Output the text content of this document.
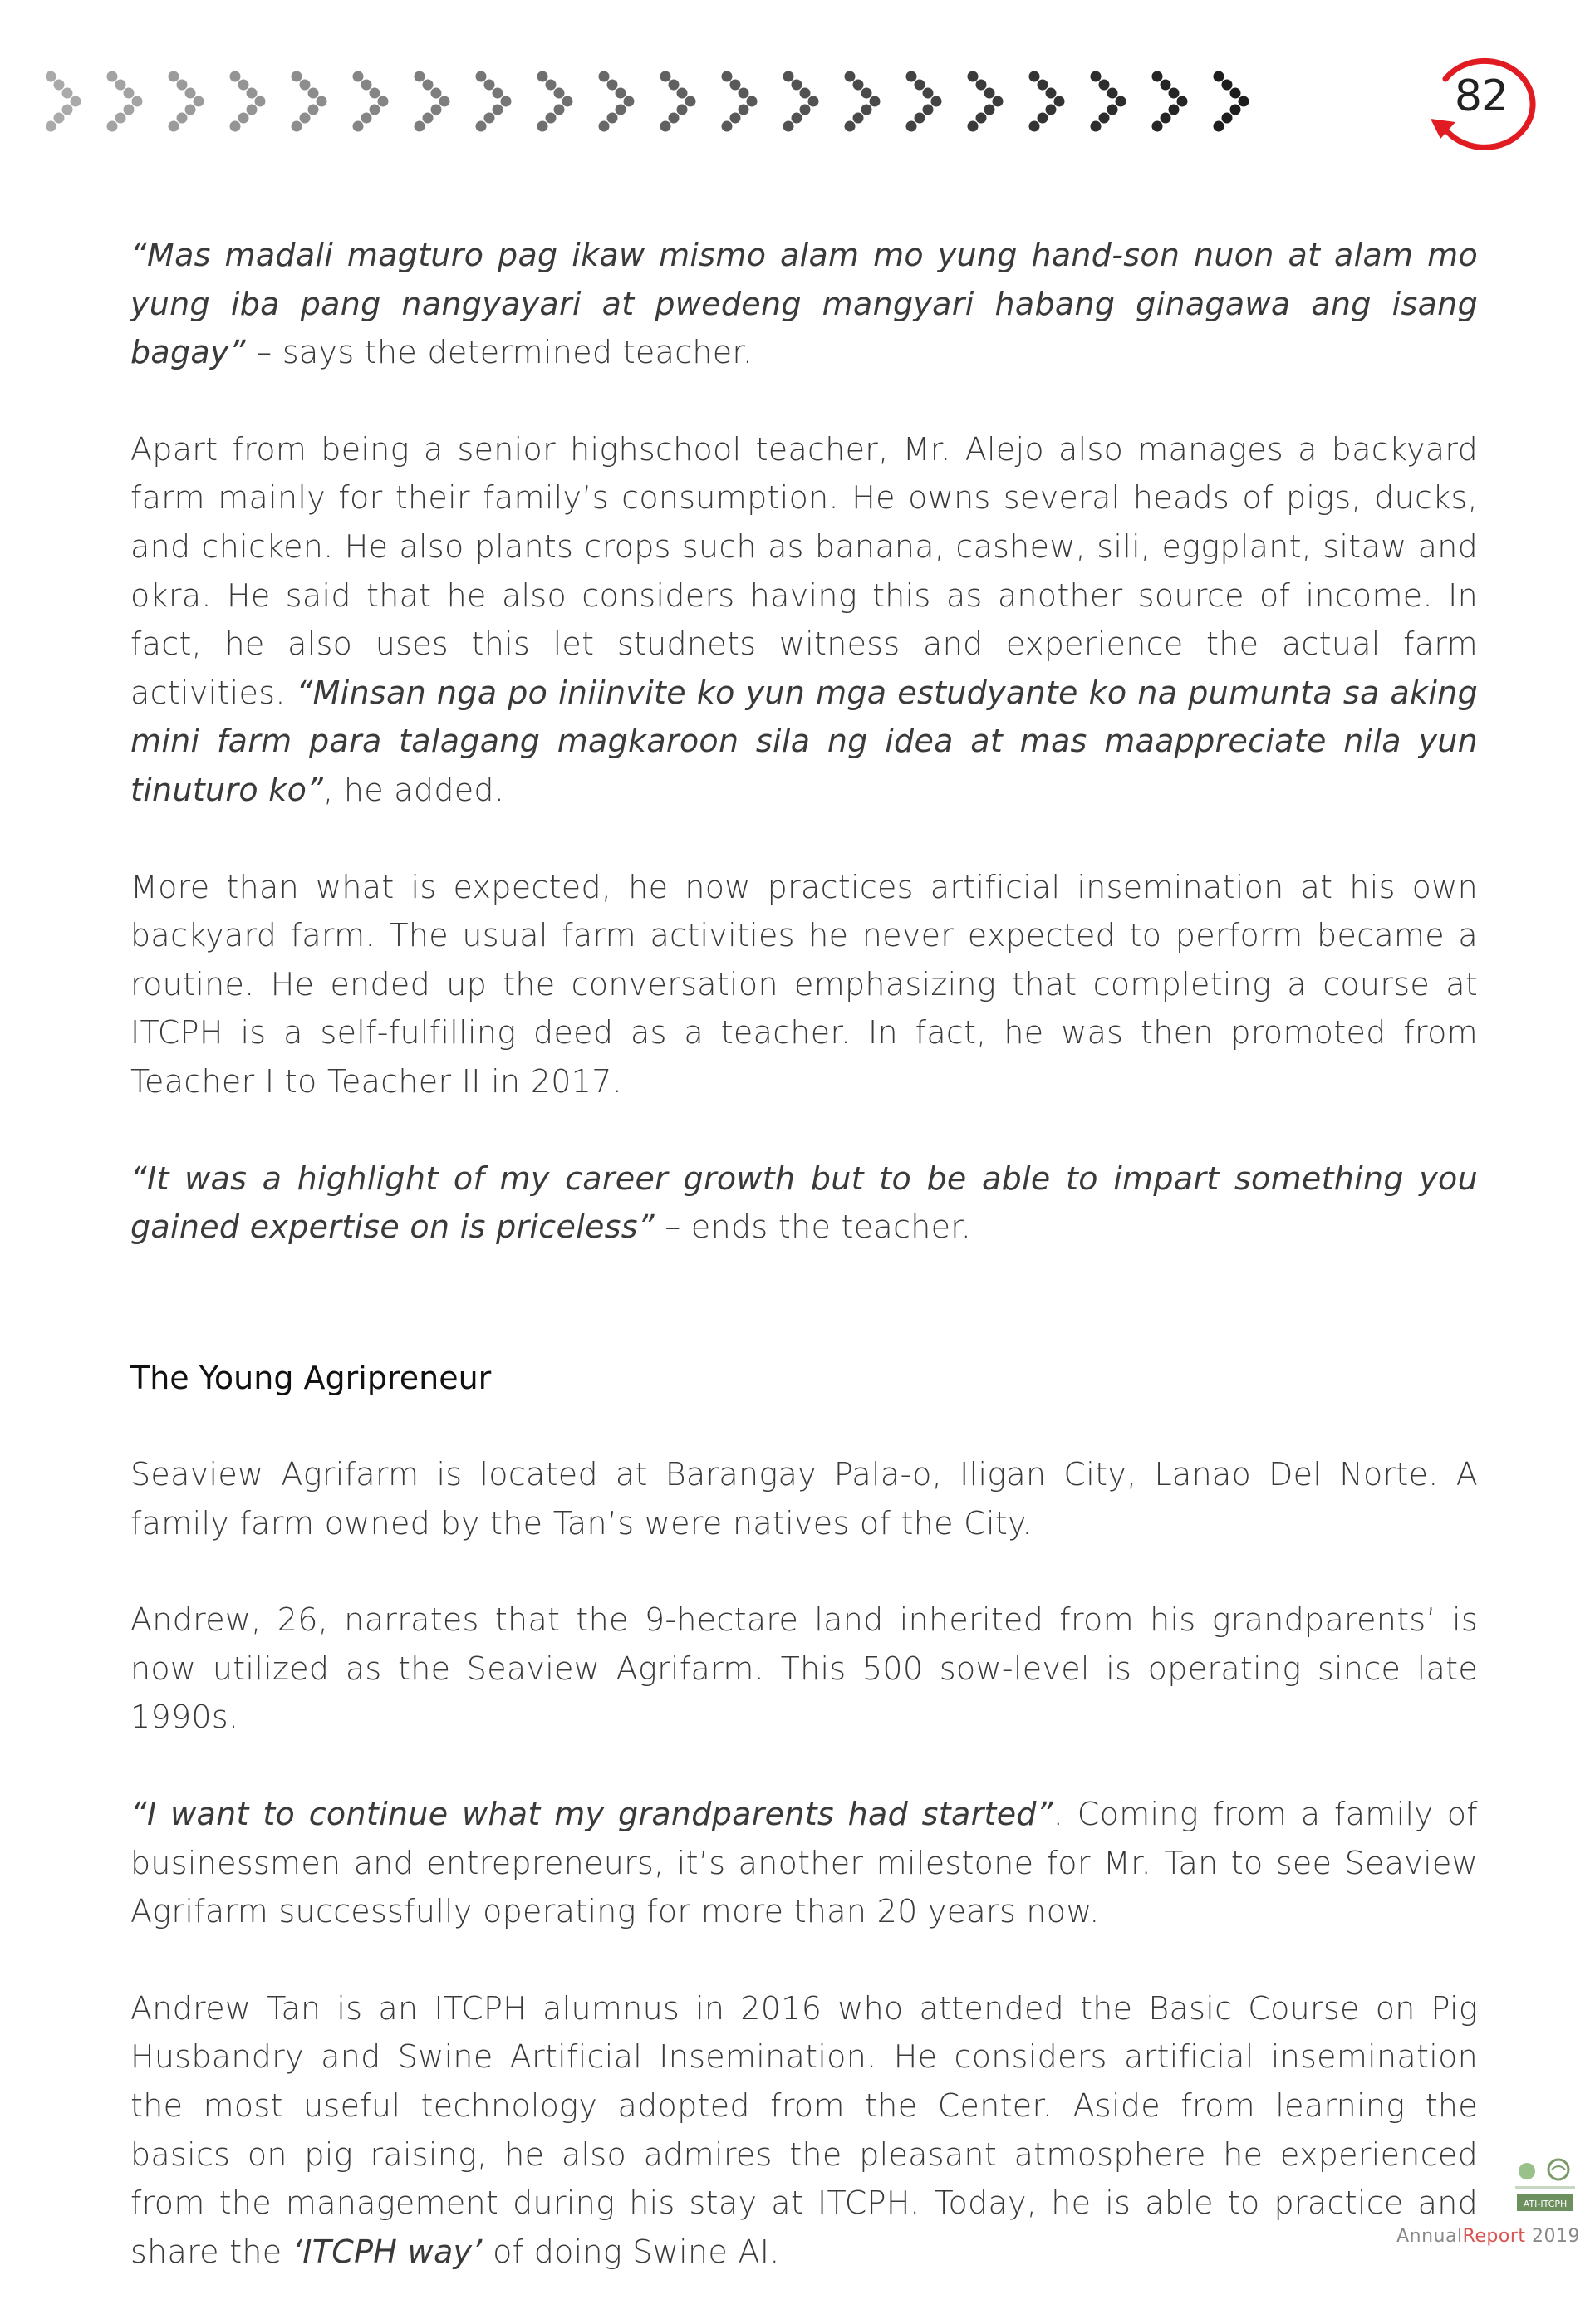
82

“Mas madali magturo pag ikaw mismo alam mo yung hand-son nuon at alam mo yung iba pang nangyayari at pwedeng mangyari habang ginagawa ang isang bagay” – says the determined teacher.

Apart from being a senior highschool teacher, Mr. Alejo also manages a backyard farm mainly for their family’s consumption. He owns several heads of pigs, ducks, and chicken. He also plants crops such as banana, cashew, sili, eggplant, sitaw and okra. He said that he also considers having this as another source of income. In fact, he also uses this let studnets witness and experience the actual farm activities. “Minsan nga po iniinvite ko yun mga estudyante ko na pumunta sa aking mini farm para talagang magkaroon sila ng idea at mas maappreciate nila yun tinuturo ko”, he added.

More than what is expected, he now practices artificial insemination at his own backyard farm. The usual farm activities he never expected to perform became a routine. He ended up the conversation emphasizing that completing a course at ITCPH is a self-fulfilling deed as a teacher. In fact, he was then promoted from Teacher I to Teacher II in 2017.

“It was a highlight of my career growth but to be able to impart something you gained expertise on is priceless” – ends the teacher.

The Young Agripreneur

Seaview Agrifarm is located at Barangay Pala-o, Iligan City, Lanao Del Norte. A family farm owned by the Tan’s were natives of the City.

Andrew, 26, narrates that the 9-hectare land inherited from his grandparents’ is now utilized as the Seaview Agrifarm. This 500 sow-level is operating since late 1990s.

“I want to continue what my grandparents had started”. Coming from a family of businessmen and entrepreneurs, it’s another milestone for Mr. Tan to see Seaview Agrifarm successfully operating for more than 20 years now.

Andrew Tan is an ITCPH alumnus in 2016 who attended the Basic Course on Pig Husbandry and Swine Artificial Insemination. He considers artificial insemination the most useful technology adopted from the Center. Aside from learning the basics on pig raising, he also admires the pleasant atmosphere he experienced from the management during his stay at ITCPH. Today, he is able to practice and share the ‘ITCPH way’ of doing Swine AI.

ATI-ITCPH
AnnualReport 2019
